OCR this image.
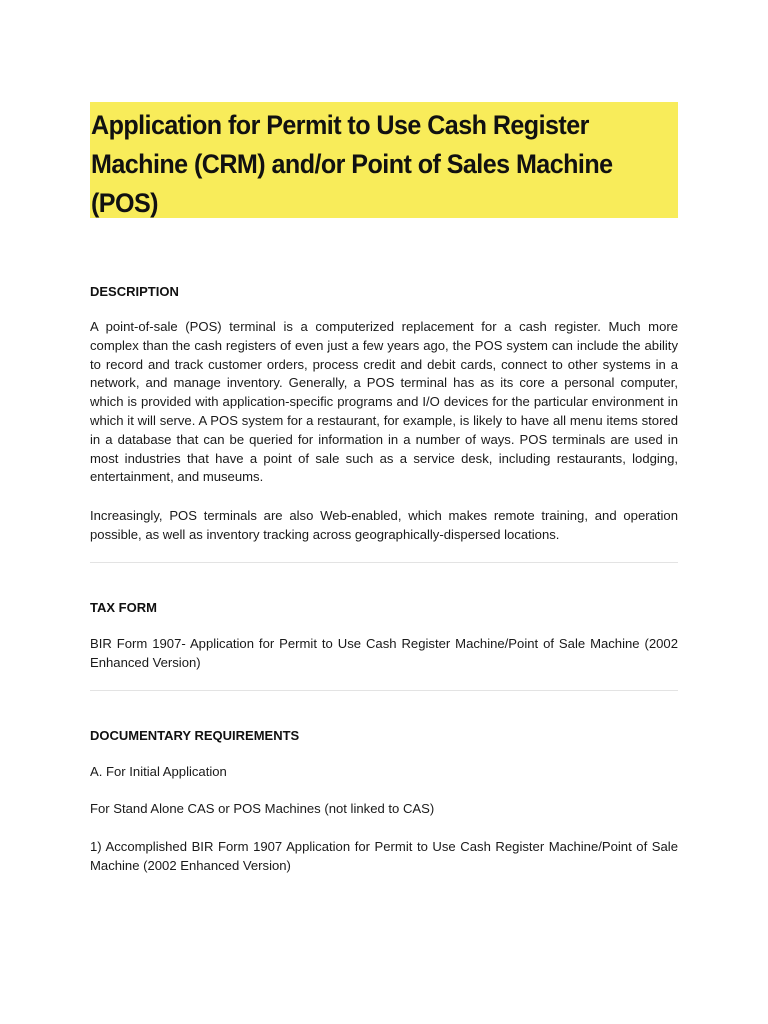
Application for Permit to Use Cash Register Machine (CRM) and/or Point of Sales Machine (POS)
DESCRIPTION

A point-of-sale (POS) terminal is a computerized replacement for a cash register. Much more complex than the cash registers of even just a few years ago, the POS system can include the ability to record and track customer orders, process credit and debit cards, connect to other systems in a network, and manage inventory. Generally, a POS terminal has as its core a personal computer, which is provided with application-specific programs and I/O devices for the particular environment in which it will serve. A POS system for a restaurant, for example, is likely to have all menu items stored in a database that can be queried for information in a number of ways. POS terminals are used in most industries that have a point of sale such as a service desk, including restaurants, lodging, entertainment, and museums.

Increasingly, POS terminals are also Web-enabled, which makes remote training, and operation possible, as well as inventory tracking across geographically-dispersed locations.

TAX FORM

BIR Form 1907- Application for Permit to Use Cash Register Machine/Point of Sale Machine (2002 Enhanced Version)

DOCUMENTARY REQUIREMENTS

A. For Initial Application

For Stand Alone CAS or POS Machines (not linked to CAS)

1) Accomplished BIR Form 1907 Application for Permit to Use Cash Register Machine/Point of Sale Machine (2002 Enhanced Version)
